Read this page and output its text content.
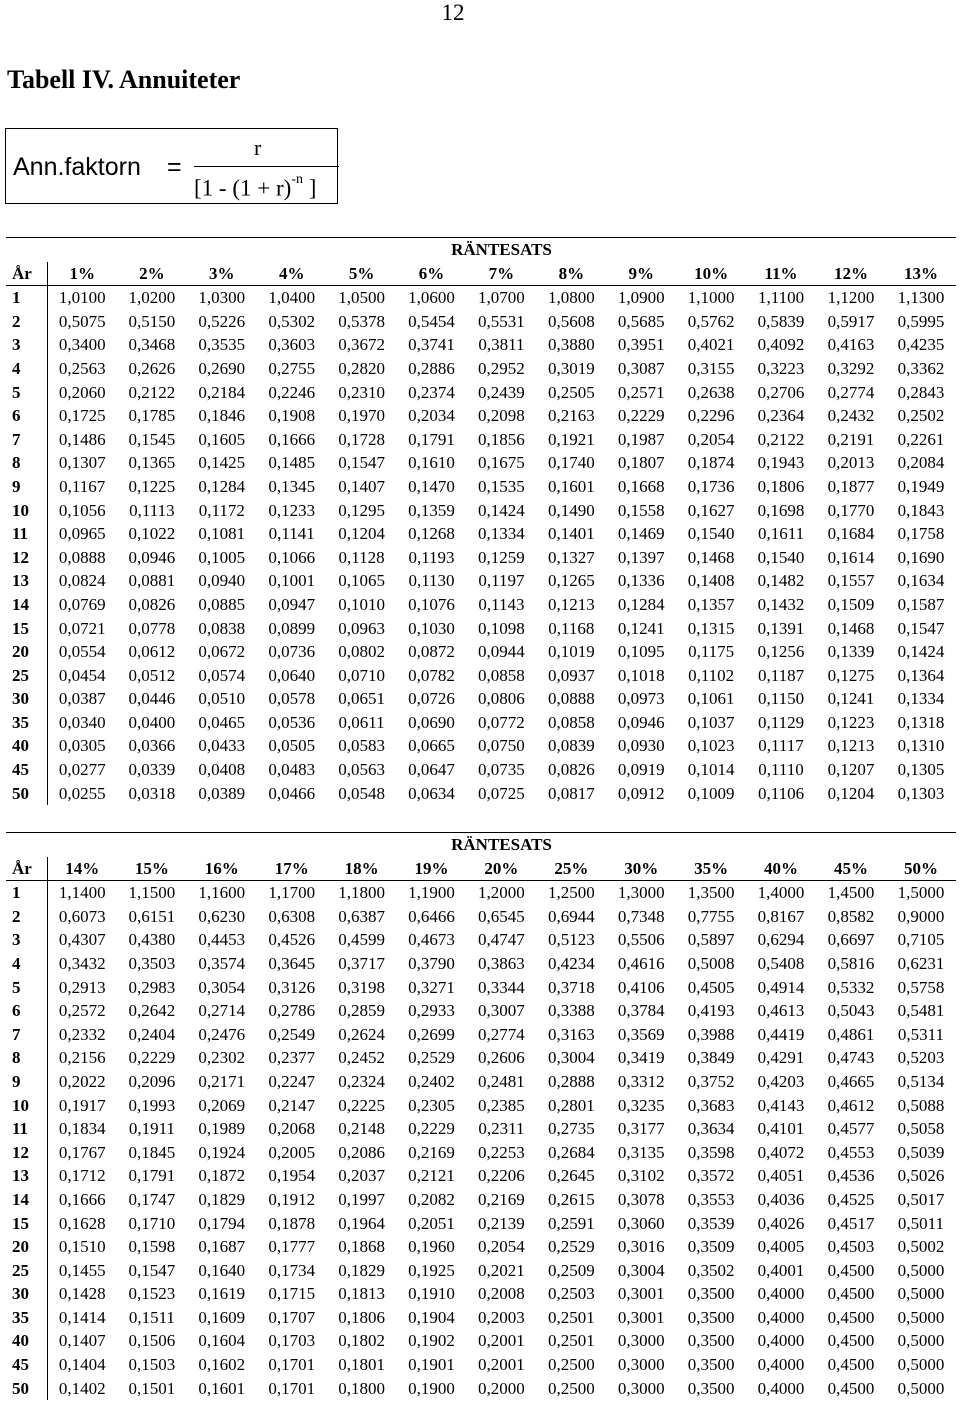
12
Tabell IV. Annuiteter
Ann.faktorn =
r
[$1 - (1 + r)^{-n}$ ]
	RÄNTESATS												
År	1%	2%	3%	4%	5%	6%	7%	8%	9%	10%	11%	12%	13%
1	1,0100	1,0200	1,0300	1,0400	1,0500	1,0600	1,0700	1,0800	1,0900	1,1000	1,1100	1,1200	1,1300
2	0,5075	0,5150	0,5226	0,5302	0,5378	0,5454	0,5531	0,5608	0,5685	0,5762	0,5839	0,5917	0,5995
3	0,3400	0,3468	0,3535	0,3603	0,3672	0,3741	0,3811	0,3880	0,3951	0,4021	0,4092	0,4163	0,4235
4	0,2563	0,2626	0,2690	0,2755	0,2820	0,2886	0,2952	0,3019	0,3087	0,3155	0,3223	0,3292	0,3362
5	0,2060	0,2122	0,2184	0,2246	0,2310	0,2374	0,2439	0,2505	0,2571	0,2638	0,2706	0,2774	0,2843
6	0,1725	0,1785	0,1846	0,1908	0,1970	0,2034	0,2098	0,2163	0,2229	0,2296	0,2364	0,2432	0,2502
7	0,1486	0,1545	0,1605	0,1666	0,1728	0,1791	0,1856	0,1921	0,1987	0,2054	0,2122	0,2191	0,2261
8	0,1307	0,1365	0,1425	0,1485	0,1547	0,1610	0,1675	0,1740	0,1807	0,1874	0,1943	0,2013	0,2084
9	0,1167	0,1225	0,1284	0,1345	0,1407	0,1470	0,1535	0,1601	0,1668	0,1736	0,1806	0,1877	0,1949
10	0,1056	0,1113	0,1172	0,1233	0,1295	0,1359	0,1424	0,1490	0,1558	0,1627	0,1698	0,1770	0,1843
11	0,0965	0,1022	0,1081	0,1141	0,1204	0,1268	0,1334	0,1401	0,1469	0,1540	0,1611	0,1684	0,1758
12	0,0888	0,0946	0,1005	0,1066	0,1128	0,1193	0,1259	0,1327	0,1397	0,1468	0,1540	0,1614	0,1690
13	0,0824	0,0881	0,0940	0,1001	0,1065	0,1130	0,1197	0,1265	0,1336	0,1408	0,1482	0,1557	0,1634
14	0,0769	0,0826	0,0885	0,0947	0,1010	0,1076	0,1143	0,1213	0,1284	0,1357	0,1432	0,1509	0,1587
15	0,0721	0,0778	0,0838	0,0899	0,0963	0,1030	0,1098	0,1168	0,1241	0,1315	0,1391	0,1468	0,1547
20	0,0554	0,0612	0,0672	0,0736	0,0802	0,0872	0,0944	0,1019	0,1095	0,1175	0,1256	0,1339	0,1424
25	0,0454	0,0512	0,0574	0,0640	0,0710	0,0782	0,0858	0,0937	0,1018	0,1102	0,1187	0,1275	0,1364
30	0,0387	0,0446	0,0510	0,0578	0,0651	0,0726	0,0806	0,0888	0,0973	0,1061	0,1150	0,1241	0,1334
35	0,0340	0,0400	0,0465	0,0536	0,0611	0,0690	0,0772	0,0858	0,0946	0,1037	0,1129	0,1223	0,1318
40	0,0305	0,0366	0,0433	0,0505	0,0583	0,0665	0,0750	0,0839	0,0930	0,1023	0,1117	0,1213	0,1310
45	0,0277	0,0339	0,0408	0,0483	0,0563	0,0647	0,0735	0,0826	0,0919	0,1014	0,1110	0,1207	0,1305
50	0,0255	0,0318	0,0389	0,0466	0,0548	0,0634	0,0725	0,0817	0,0912	0,1009	0,1106	0,1204	0,1303
	RÄNTESATS												
År	14%	15%	16%	17%	18%	19%	20%	25%	30%	35%	40%	45%	50%
1	1,1400	1,1500	1,1600	1,1700	1,1800	1,1900	1,2000	1,2500	1,3000	1,3500	1,4000	1,4500	1,5000
2	0,6073	0,6151	0,6230	0,6308	0,6387	0,6466	0,6545	0,6944	0,7348	0,7755	0,8167	0,8582	0,9000
3	0,4307	0,4380	0,4453	0,4526	0,4599	0,4673	0,4747	0,5123	0,5506	0,5897	0,6294	0,6697	0,7105
4	0,3432	0,3503	0,3574	0,3645	0,3717	0,3790	0,3863	0,4234	0,4616	0,5008	0,5408	0,5816	0,6231
5	0,2913	0,2983	0,3054	0,3126	0,3198	0,3271	0,3344	0,3718	0,4106	0,4505	0,4914	0,5332	0,5758
6	0,2572	0,2642	0,2714	0,2786	0,2859	0,2933	0,3007	0,3388	0,3784	0,4193	0,4613	0,5043	0,5481
7	0,2332	0,2404	0,2476	0,2549	0,2624	0,2699	0,2774	0,3163	0,3569	0,3988	0,4419	0,4861	0,5311
8	0,2156	0,2229	0,2302	0,2377	0,2452	0,2529	0,2606	0,3004	0,3419	0,3849	0,4291	0,4743	0,5203
9	0,2022	0,2096	0,2171	0,2247	0,2324	0,2402	0,2481	0,2888	0,3312	0,3752	0,4203	0,4665	0,5134
10	0,1917	0,1993	0,2069	0,2147	0,2225	0,2305	0,2385	0,2801	0,3235	0,3683	0,4143	0,4612	0,5088
11	0,1834	0,1911	0,1989	0,2068	0,2148	0,2229	0,2311	0,2735	0,3177	0,3634	0,4101	0,4577	0,5058
12	0,1767	0,1845	0,1924	0,2005	0,2086	0,2169	0,2253	0,2684	0,3135	0,3598	0,4072	0,4553	0,5039
13	0,1712	0,1791	0,1872	0,1954	0,2037	0,2121	0,2206	0,2645	0,3102	0,3572	0,4051	0,4536	0,5026
14	0,1666	0,1747	0,1829	0,1912	0,1997	0,2082	0,2169	0,2615	0,3078	0,3553	0,4036	0,4525	0,5017
15	0,1628	0,1710	0,1794	0,1878	0,1964	0,2051	0,2139	0,2591	0,3060	0,3539	0,4026	0,4517	0,5011
20	0,1510	0,1598	0,1687	0,1777	0,1868	0,1960	0,2054	0,2529	0,3016	0,3509	0,4005	0,4503	0,5002
25	0,1455	0,1547	0,1640	0,1734	0,1829	0,1925	0,2021	0,2509	0,3004	0,3502	0,4001	0,4500	0,5000
30	0,1428	0,1523	0,1619	0,1715	0,1813	0,1910	0,2008	0,2503	0,3001	0,3500	0,4000	0,4500	0,5000
35	0,1414	0,1511	0,1609	0,1707	0,1806	0,1904	0,2003	0,2501	0,3001	0,3500	0,4000	0,4500	0,5000
40	0,1407	0,1506	0,1604	0,1703	0,1802	0,1902	0,2001	0,2501	0,3000	0,3500	0,4000	0,4500	0,5000
45	0,1404	0,1503	0,1602	0,1701	0,1801	0,1901	0,2001	0,2500	0,3000	0,3500	0,4000	0,4500	0,5000
50	0,1402	0,1501	0,1601	0,1701	0,1800	0,1900	0,2000	0,2500	0,3000	0,3500	0,4000	0,4500	0,5000
